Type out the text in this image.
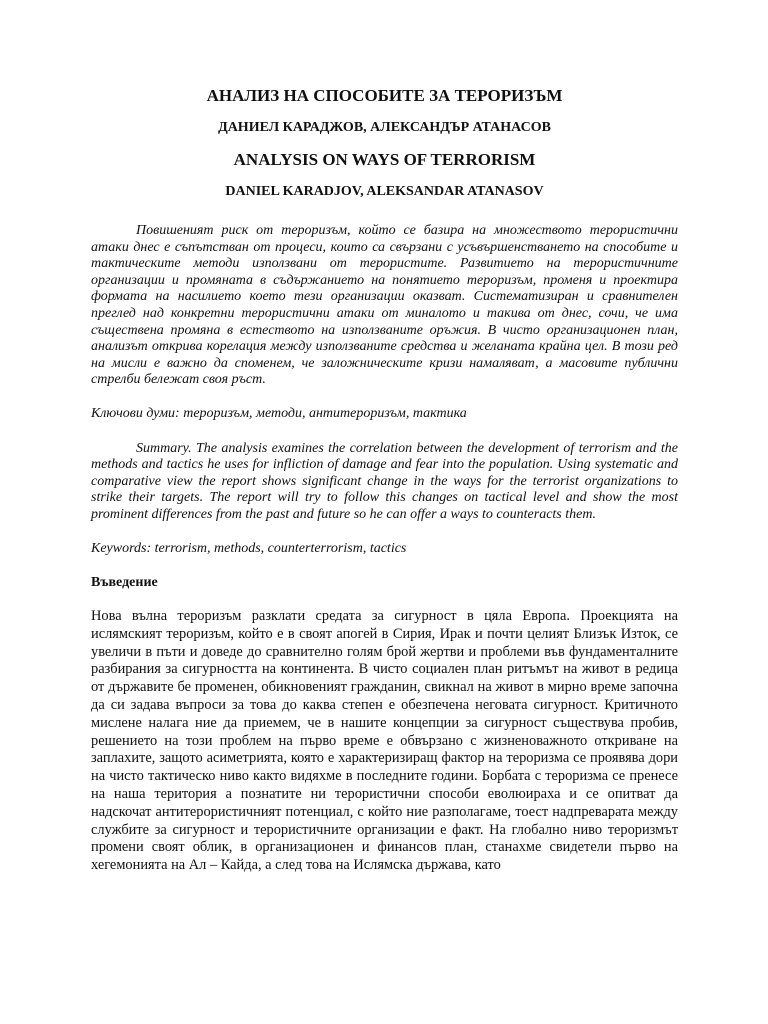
АНАЛИЗ НА СПОСОБИТЕ ЗА ТЕРОРИЗЪМ
ДАНИЕЛ КАРАДЖОВ, АЛЕКСАНДЪР АТАНАСОВ
ANALYSIS ON WAYS OF TERRORISM
DANIEL KARADJOV, ALEKSANDAR ATANASOV

Повишеният риск от тероризъм, който се базира на множеството терористични атаки днес е съпътстван от процеси, които са свързани с усъвършенстването на способите и тактическите методи използвани от терористите. Развитието на терористичните организации и промяната в съдържанието на понятието тероризъм, променя и проектира формата на насилието което тези организации оказват. Систематизиран и сравнителен преглед над конкретни терористични атаки от миналото и такива от днес, сочи, че има съществена промяна в естеството на използваните оръжия. В чисто организационен план, анализът открива корелация между използваните средства и желаната крайна цел. В този ред на мисли е важно да споменем, че заложническите кризи намаляват, а масовите публични стрелби бележат своя ръст.

Ключови думи: тероризъм, методи, антитероризъм, тактика

Summary. The analysis examines the correlation between the development of terrorism and the methods and tactics he uses for infliction of damage and fear into the population. Using systematic and comparative view the report shows significant change in the ways for the terrorist organizations to strike their targets. The report will try to follow this changes on tactical level and show the most prominent differences from the past and future so he can offer a ways to counteracts them.

Keywords: terrorism, methods, counterterrorism, tactics

Въведение

Нова вълна тероризъм разклати средата за сигурност в цяла Европа. Проекцията на ислямският тероризъм, който е в своят апогей в Сирия, Ирак и почти целият Близък Изток, се увеличи в пъти и доведе до сравнително голям брой жертви и проблеми във фундаменталните разбирания за сигурността на континента. В чисто социален план ритъмът на живот в редица от държавите бе променен, обикновеният гражданин, свикнал на живот в мирно време започна да си задава въпроси за това до каква степен е обезпечена неговата сигурност. Критичното мислене налага ние да приемем, че в нашите концепции за сигурност съществува пробив, решението на този проблем на първо време е обвързано с жизненоважното откриване на заплахите, защото асиметрията, която е характеризиращ фактор на тероризма се проявява дори на чисто тактическо ниво както видяхме в последните години. Борбата с тероризма се пренесе на наша територия а познатите ни терористични способи еволюираха и се опитват да надскочат антитерористичният потенциал, с който ние разполагаме, тоест надпреварата между службите за сигурност и терористичните организации е факт. На глобално ниво тероризмът промени своят облик, в организационен и финансов план, станахме свидетели първо на хегемонията на Ал – Кайда, а след това на Ислямска държава, като
